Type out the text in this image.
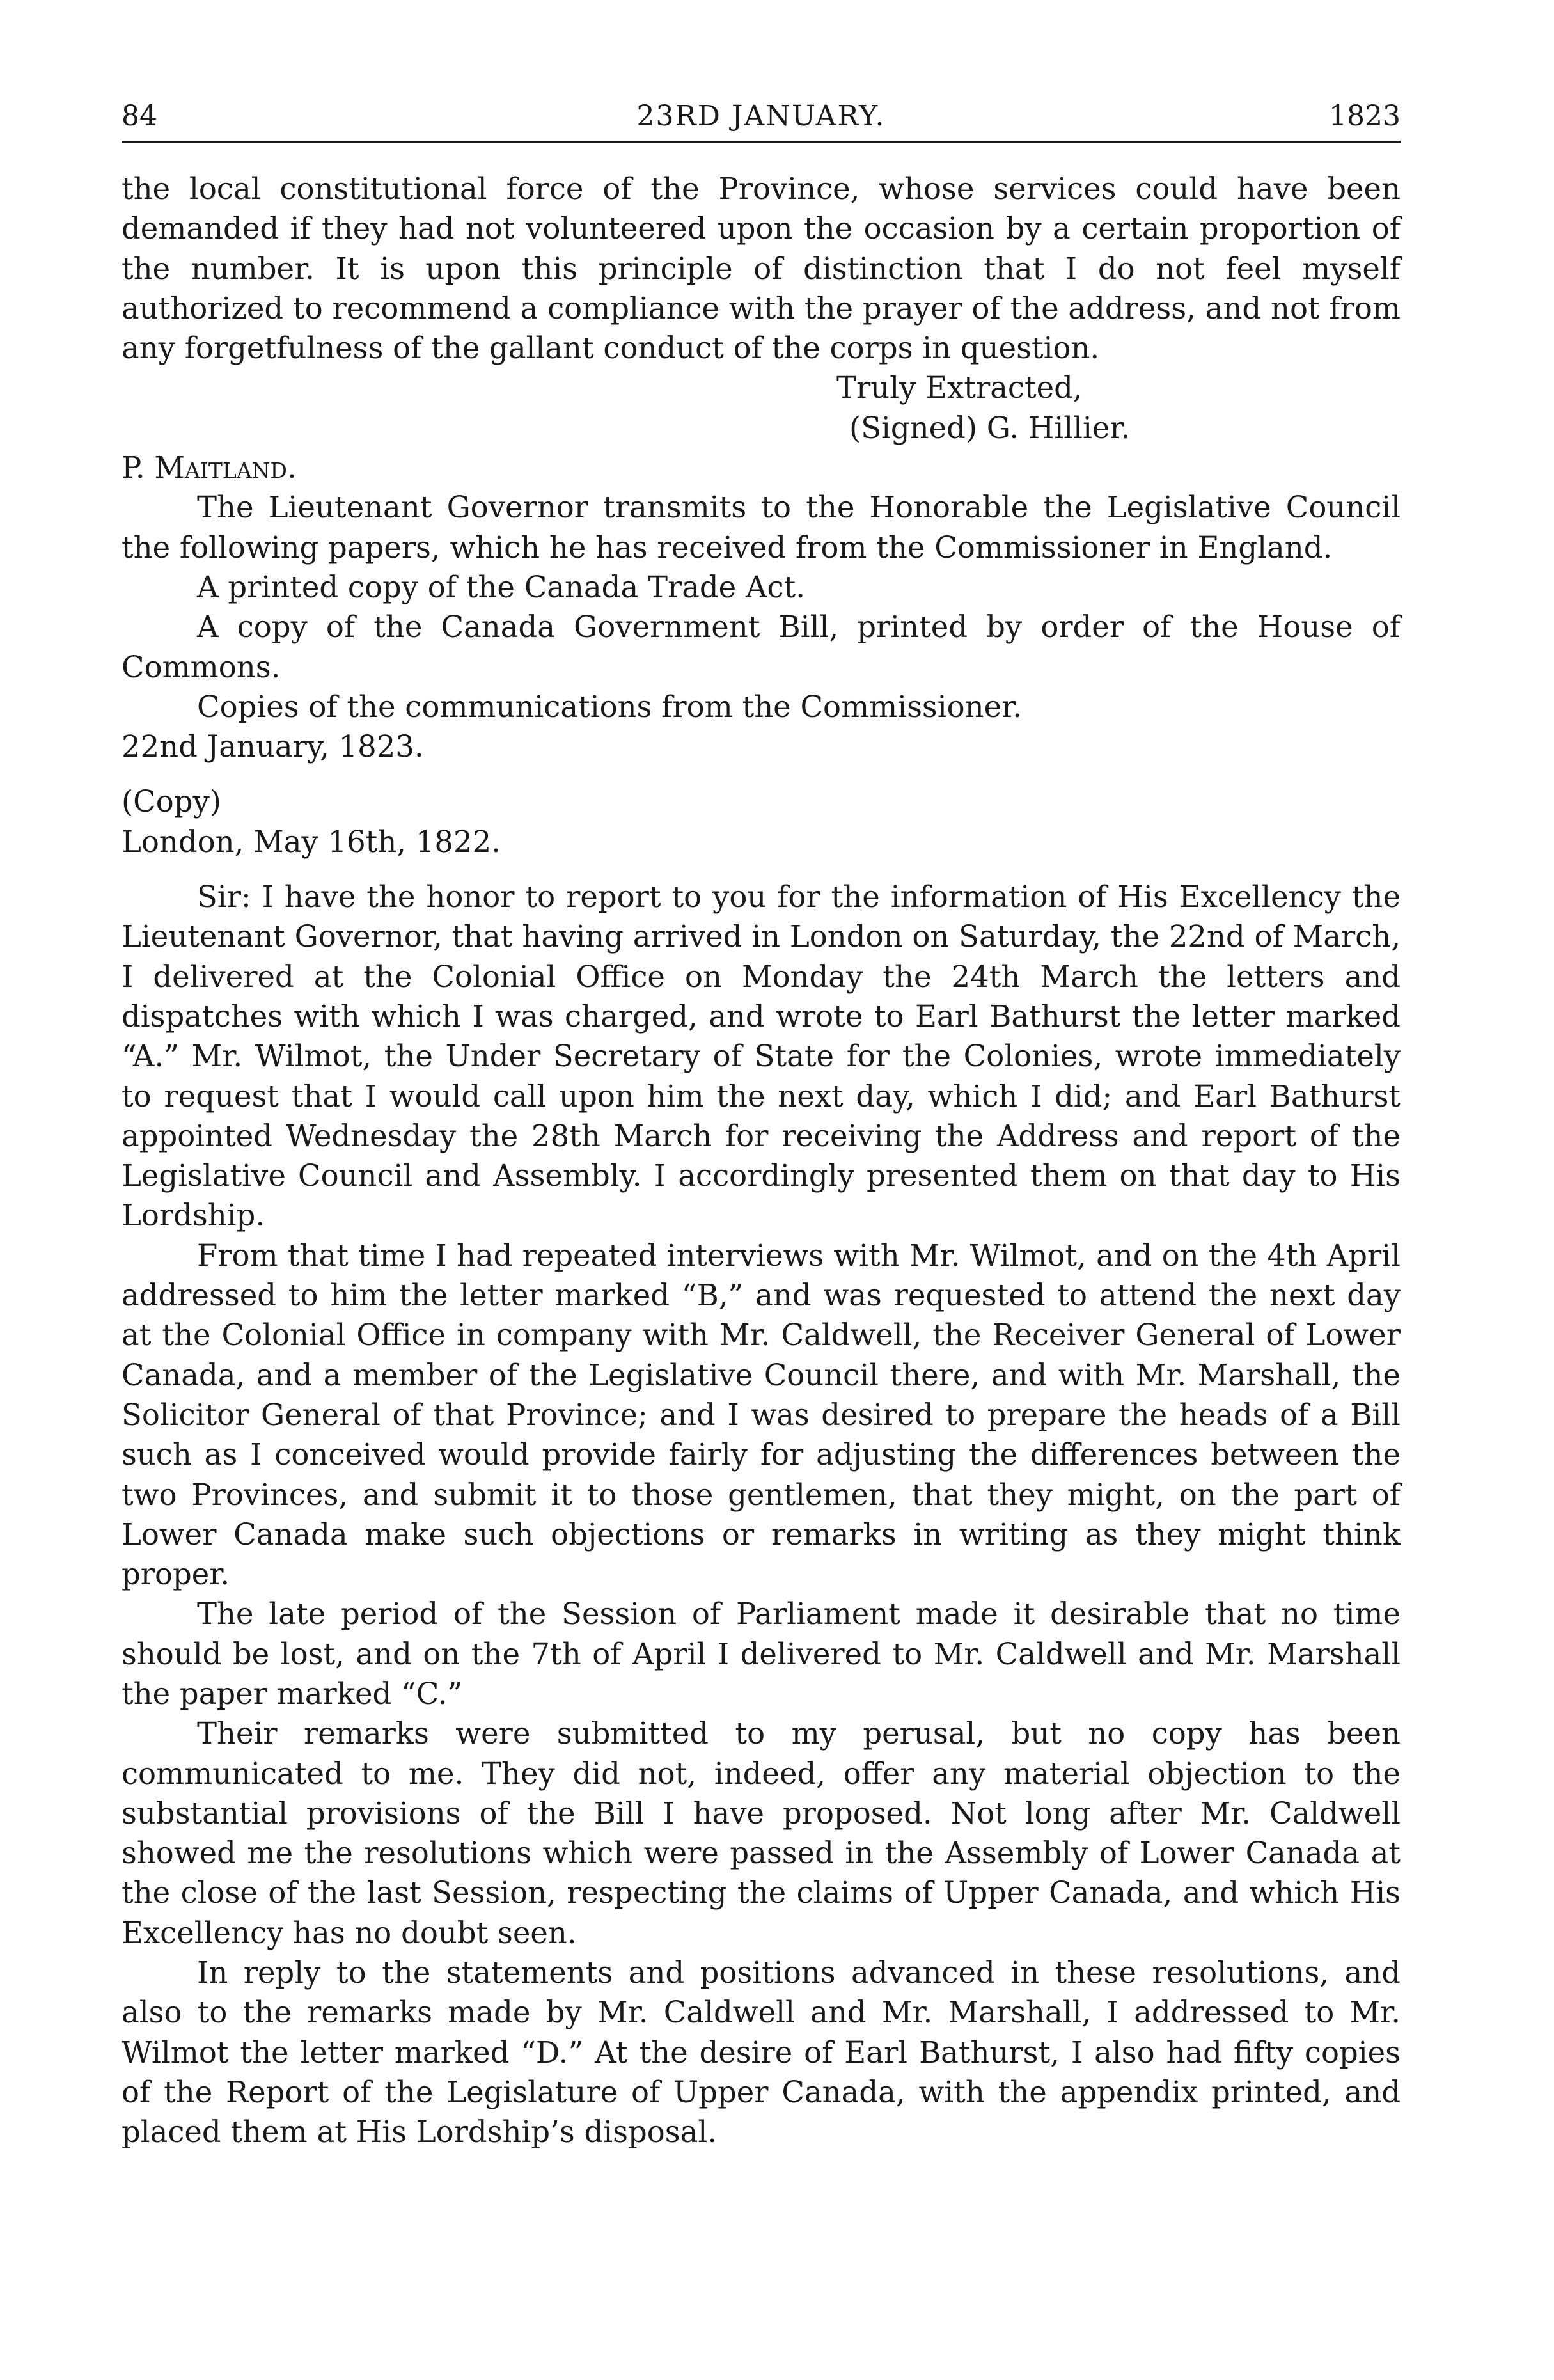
84	23RD JANUARY.	1823

the local constitutional force of the Province, whose services could have been demanded if they had not volunteered upon the occasion by a certain proportion of the number. It is upon this principle of distinction that I do not feel myself authorized to recommend a compliance with the prayer of the address, and not from any forgetfulness of the gallant conduct of the corps in question.

Truly Extracted,

(Signed) G. Hillier.

P. Maitland.

The Lieutenant Governor transmits to the Honorable the Legislative Council the following papers, which he has received from the Commissioner in England.

A printed copy of the Canada Trade Act.

A copy of the Canada Government Bill, printed by order of the House of Commons.

Copies of the communications from the Commissioner.

22nd January, 1823.

(Copy)

London, May 16th, 1822.

Sir: I have the honor to report to you for the information of His Excellency the Lieutenant Governor, that having arrived in London on Saturday, the 22nd of March, I delivered at the Colonial Office on Monday the 24th March the letters and dispatches with which I was charged, and wrote to Earl Bathurst the letter marked “A.” Mr. Wilmot, the Under Secretary of State for the Colonies, wrote immediately to request that I would call upon him the next day, which I did; and Earl Bathurst appointed Wednesday the 28th March for receiving the Address and report of the Legislative Council and Assembly. I accordingly presented them on that day to His Lordship.

From that time I had repeated interviews with Mr. Wilmot, and on the 4th April addressed to him the letter marked “B,” and was requested to attend the next day at the Colonial Office in company with Mr. Caldwell, the Receiver General of Lower Canada, and a member of the Legislative Council there, and with Mr. Marshall, the Solicitor General of that Province; and I was desired to prepare the heads of a Bill such as I conceived would provide fairly for adjusting the differences between the two Provinces, and submit it to those gentlemen, that they might, on the part of Lower Canada make such objections or remarks in writing as they might think proper.

The late period of the Session of Parliament made it desirable that no time should be lost, and on the 7th of April I delivered to Mr. Caldwell and Mr. Marshall the paper marked “C.”

Their remarks were submitted to my perusal, but no copy has been communicated to me. They did not, indeed, offer any material objection to the substantial provisions of the Bill I have proposed. Not long after Mr. Caldwell showed me the resolutions which were passed in the Assembly of Lower Canada at the close of the last Session, respecting the claims of Upper Canada, and which His Excellency has no doubt seen.

In reply to the statements and positions advanced in these resolutions, and also to the remarks made by Mr. Caldwell and Mr. Marshall, I addressed to Mr. Wilmot the letter marked “D.” At the desire of Earl Bathurst, I also had fifty copies of the Report of the Legislature of Upper Canada, with the appendix printed, and placed them at His Lordship’s disposal.
